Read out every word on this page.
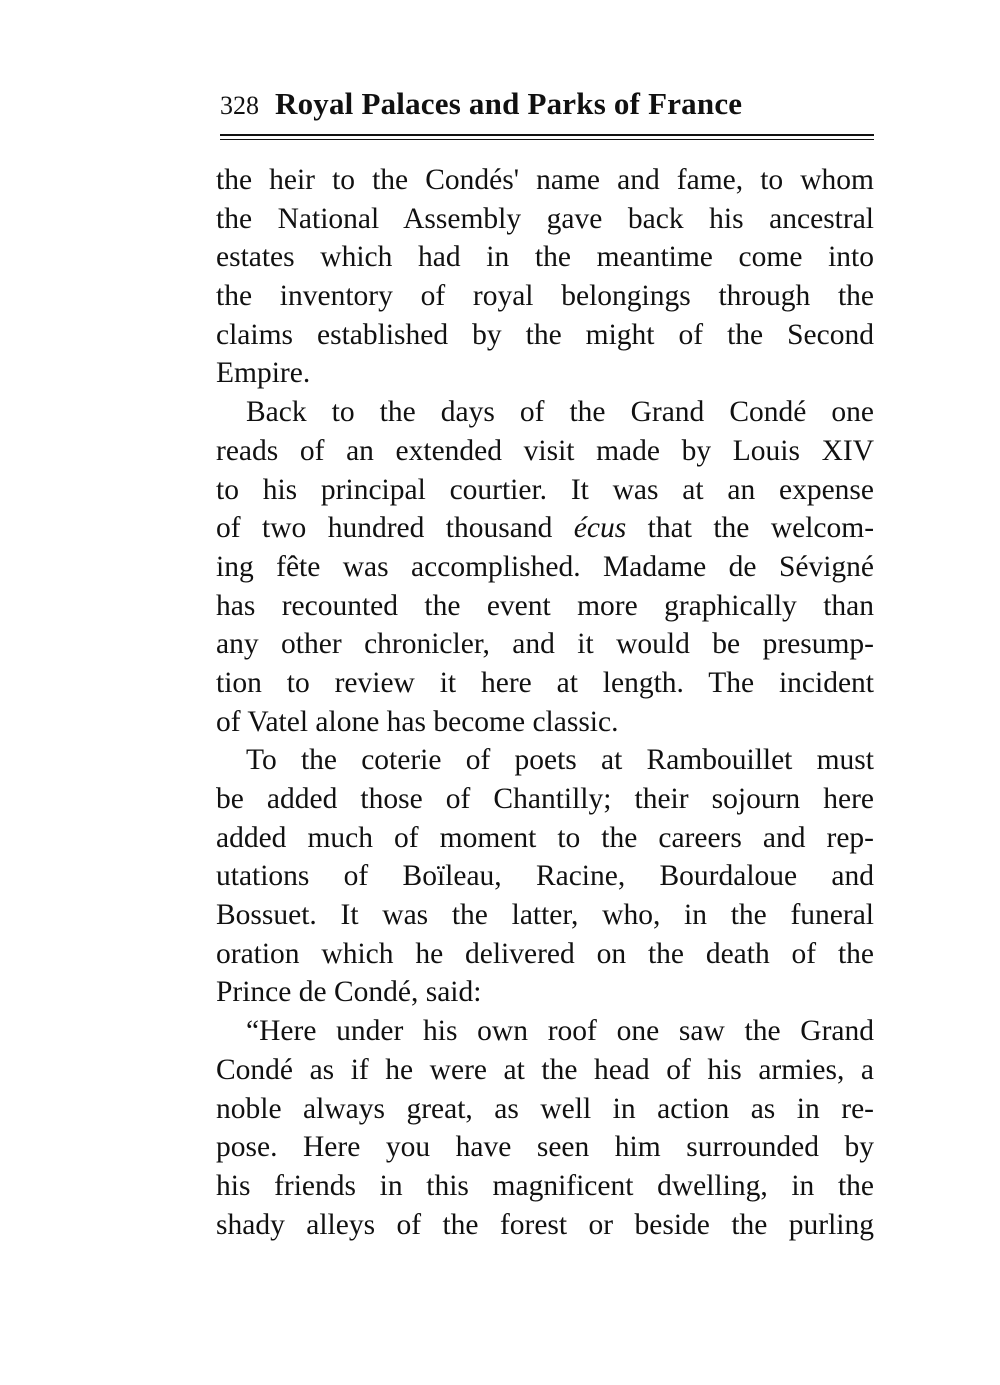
328 Royal Palaces and Parks of France
the heir to the Condés' name and fame, to whom
the National Assembly gave back his ancestral
estates which had in the meantime come into
the inventory of royal belongings through the
claims established by the might of the Second
Empire.
Back to the days of the Grand Condé one
reads of an extended visit made by Louis XIV
to his principal courtier. It was at an expense
of two hundred thousand écus that the welcom-
ing fête was accomplished. Madame de Sévigné
has recounted the event more graphically than
any other chronicler, and it would be presump-
tion to review it here at length. The incident
of Vatel alone has become classic.
To the coterie of poets at Rambouillet must
be added those of Chantilly; their sojourn here
added much of moment to the careers and rep-
utations of Boïleau, Racine, Bourdaloue and
Bossuet. It was the latter, who, in the funeral
oration which he delivered on the death of the
Prince de Condé, said:
“Here under his own roof one saw the Grand
Condé as if he were at the head of his armies, a
noble always great, as well in action as in re-
pose. Here you have seen him surrounded by
his friends in this magnificent dwelling, in the
shady alleys of the forest or beside the purling
